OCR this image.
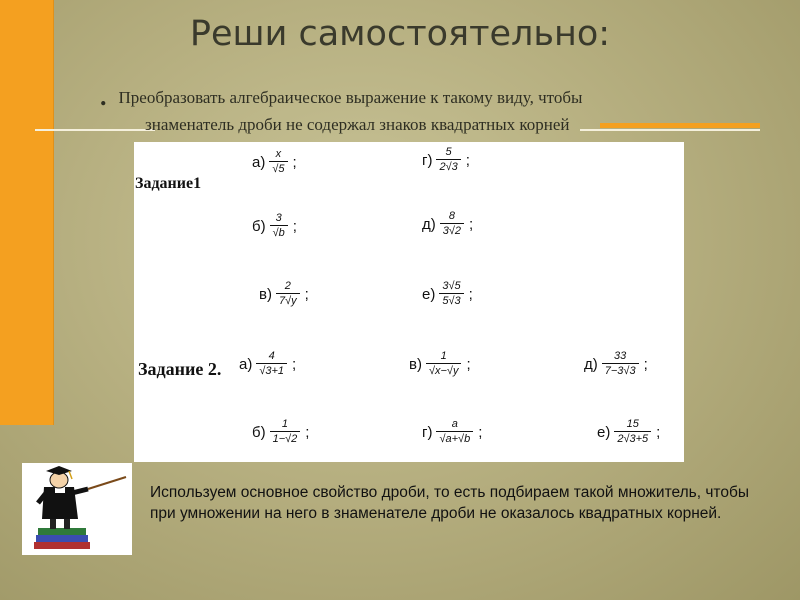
Реши самостоятельно:
. Преобразовать алгебраическое выражение к такому виду, чтобы
знаменатель дроби не содержал знаков квадратных корней
Задание1
Задание 2.
$а) \frac{x}{√5}$ ;	$г) \frac{5}{2√3}$ ;
$б) \frac{3}{√b}$ ;	$д) \frac{8}{3√2}$ ;
$в) \frac{2}{7√y}$ ;	$е) \frac{3√5}{5√3}$ ;
$а) \frac{4}{√3+1}$ ;	$в) \frac{1}{√x-√y}$ ;	$д) \frac{33}{7-3√3}$ ;
$б) \frac{1}{1-√2}$ ;	$г) \frac{a}{√a+√b}$ ;	$е) \frac{15}{2√3+5}$ ;
Используем основное свойство дроби, то есть подбираем такой множитель, чтобы при умножении на него в знаменателе дроби не оказалось квадратных корней.
